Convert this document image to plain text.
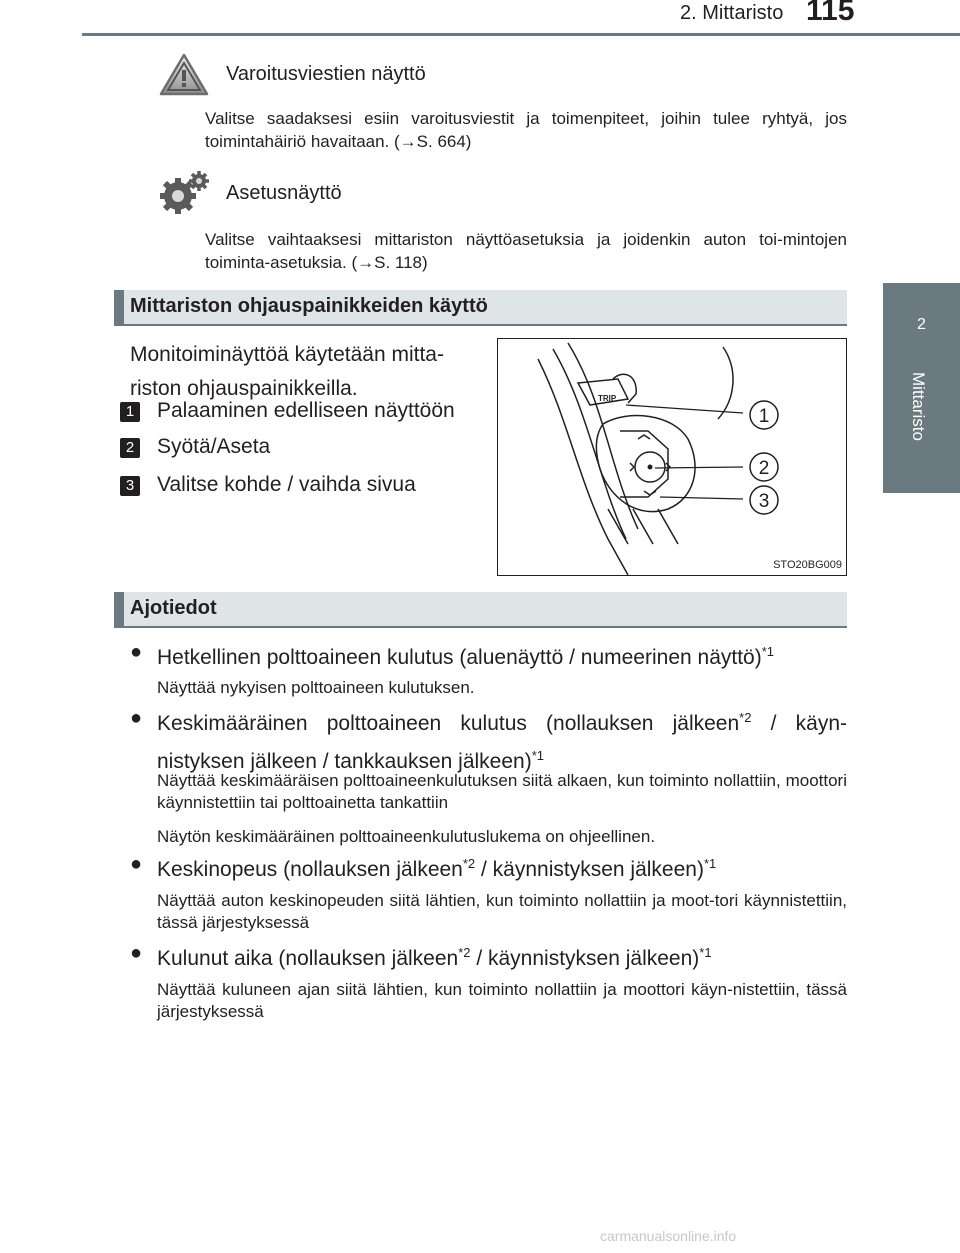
2. Mittaristo 115
2
Mittaristo
Varoitusviestien näyttö
Valitse saadaksesi esiin varoitusviestit ja toimenpiteet, joihin tulee ryhtyä, jos toimintahäiriö havaitaan. (→S. 664)
Asetusnäyttö
Valitse vaihtaaksesi mittariston näyttöasetuksia ja joidenkin auton toi-mintojen toiminta-asetuksia. (→S. 118)
Mittariston ohjauspainikkeiden käyttö
Monitoiminäyttöä käytetään mitta-riston ohjauspainikkeilla.
1 Palaaminen edelliseen näyttöön
2 Syötä/Aseta
3 Valitse kohde / vaihda sivua
TRIP
1
2
3
STO20BG009
Ajotiedot
● Hetkellinen polttoaineen kulutus (aluenäyttö / numeerinen näyttö)$^{*1}$
Näyttää nykyisen polttoaineen kulutuksen.
● Keskimääräinen polttoaineen kulutus (nollauksen jälkeen$^{*2}$ / käyn-nistyksen jälkeen / tankkauksen jälkeen)$^{*1}$
Näyttää keskimääräisen polttoaineenkulutuksen siitä alkaen, kun toiminto nollattiin, moottori käynnistettiin tai polttoainetta tankattiin
Näytön keskimääräinen polttoaineenkulutuslukema on ohjeellinen.
● Keskinopeus (nollauksen jälkeen$^{*2}$ / käynnistyksen jälkeen)$^{*1}$
Näyttää auton keskinopeuden siitä lähtien, kun toiminto nollattiin ja moot-tori käynnistettiin, tässä järjestyksessä
● Kulunut aika (nollauksen jälkeen$^{*2}$ / käynnistyksen jälkeen)$^{*1}$
Näyttää kuluneen ajan siitä lähtien, kun toiminto nollattiin ja moottori käyn-nistettiin, tässä järjestyksessä
carmanualsonline.info
